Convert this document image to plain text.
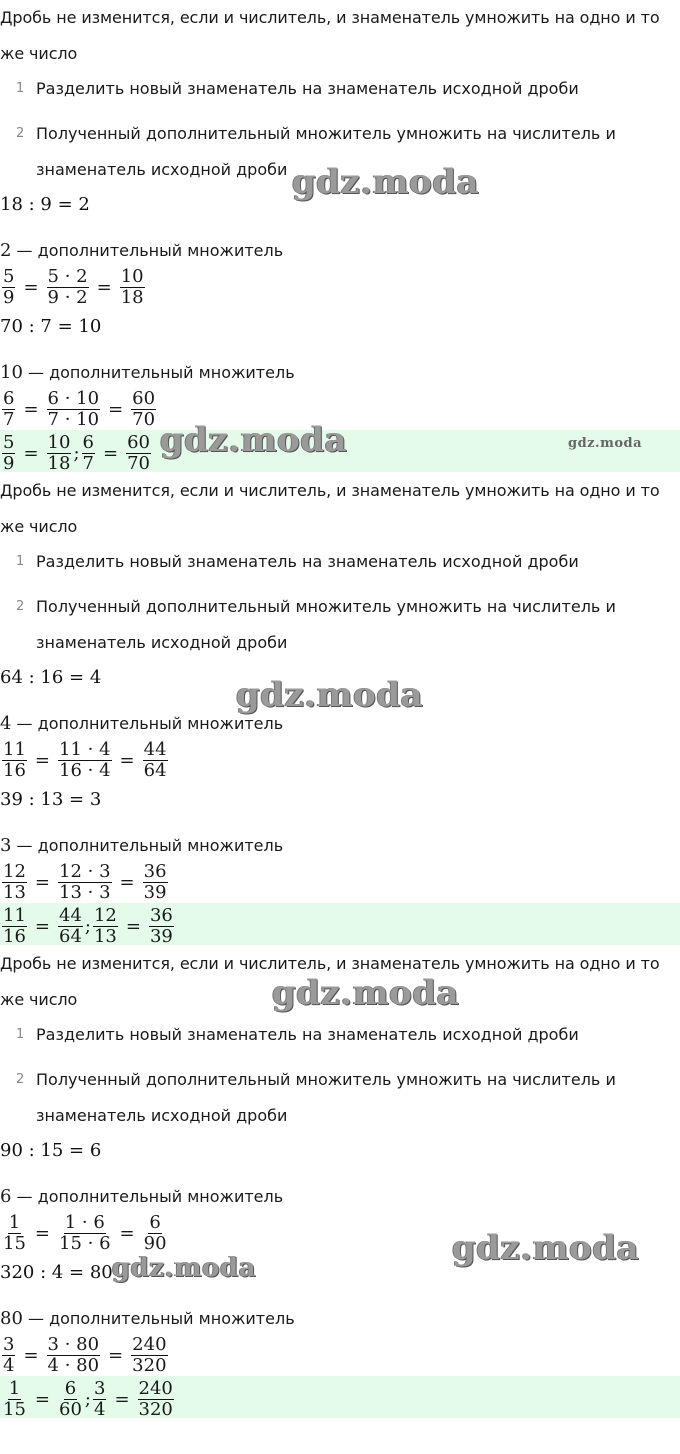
Дробь не изменится, если и числитель, и знаменатель умножить на одно и то
же число
1 Разделить новый знаменатель на знаменатель исходной дроби
2 Полученный дополнительный множитель умножить на числитель и
знаменатель исходной дроби
18 : 9 = 2
2 — дополнительный множитель
$\frac{5}{9} = \frac{5 \cdot 2}{9 \cdot 2} = \frac{10}{18}$
70 : 7 = 10
10 — дополнительный множитель
$\frac{6}{7} = \frac{6 \cdot 10}{7 \cdot 10} = \frac{60}{70}$
$\frac{5}{9} = \frac{10}{18}$ ; $\frac{6}{7} = \frac{60}{70}$
Дробь не изменится, если и числитель, и знаменатель умножить на одно и то
же число
1 Разделить новый знаменатель на знаменатель исходной дроби
2 Полученный дополнительный множитель умножить на числитель и
знаменатель исходной дроби
64 : 16 = 4
4 — дополнительный множитель
$\frac{11}{16} = \frac{11 \cdot 4}{16 \cdot 4} = \frac{44}{64}$
39 : 13 = 3
3 — дополнительный множитель
$\frac{12}{13} = \frac{12 \cdot 3}{13 \cdot 3} = \frac{36}{39}$
$\frac{11}{16} = \frac{44}{64}$ ; $\frac{12}{13} = \frac{36}{39}$
Дробь не изменится, если и числитель, и знаменатель умножить на одно и то
же число
1 Разделить новый знаменатель на знаменатель исходной дроби
2 Полученный дополнительный множитель умножить на числитель и
знаменатель исходной дроби
90 : 15 = 6
6 — дополнительный множитель
$\frac{1}{15} = \frac{1 \cdot 6}{15 \cdot 6} = \frac{6}{90}$
320 : 4 = 80
80 — дополнительный множитель
$\frac{3}{4} = \frac{3 \cdot 80}{4 \cdot 80} = \frac{240}{320}$
$\frac{1}{15} = \frac{6}{60}$ ; $\frac{3}{4} = \frac{240}{320}$
gdz.moda
gdz.moda	gdz.moda
gdz.moda
gdz.moda
gdz.moda
gdz.moda
